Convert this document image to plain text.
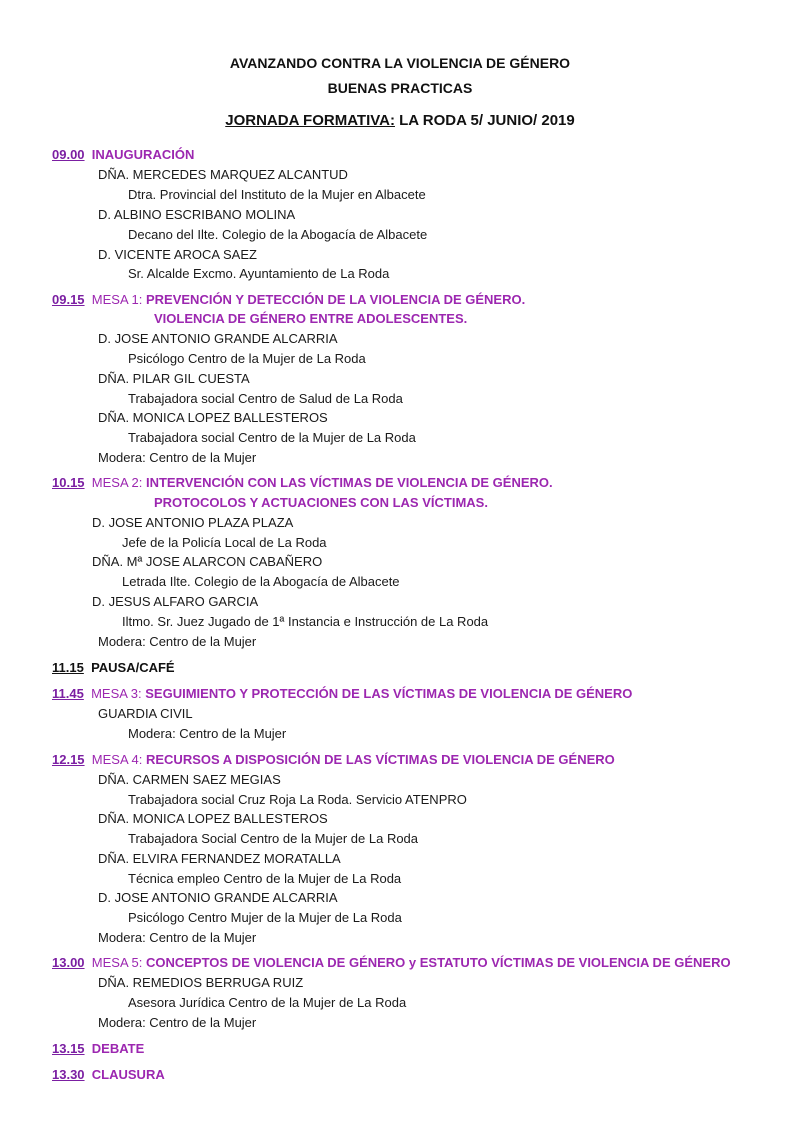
AVANZANDO CONTRA LA VIOLENCIA DE GÉNERO
BUENAS PRACTICAS
JORNADA FORMATIVA: LA RODA 5/ JUNIO/ 2019
09.00 INAUGURACIÓN
DÑA. MERCEDES MARQUEZ ALCANTUD
Dtra. Provincial del Instituto de la Mujer en Albacete
D. ALBINO ESCRIBANO MOLINA
Decano del Ilte. Colegio de la Abogacía de Albacete
D. VICENTE AROCA SAEZ
Sr. Alcalde Excmo. Ayuntamiento de La Roda
09.15 MESA 1: PREVENCIÓN Y DETECCIÓN DE LA VIOLENCIA DE GÉNERO.
VIOLENCIA DE GÉNERO ENTRE ADOLESCENTES.
D. JOSE ANTONIO GRANDE ALCARRIA
Psicólogo Centro de la Mujer de La Roda
DÑA. PILAR GIL CUESTA
Trabajadora social Centro de Salud de La Roda
DÑA. MONICA LOPEZ BALLESTEROS
Trabajadora social Centro de la Mujer de La Roda
Modera: Centro de la Mujer
10.15 MESA 2: INTERVENCIÓN CON LAS VÍCTIMAS DE VIOLENCIA DE GÉNERO.
PROTOCOLOS Y ACTUACIONES CON LAS VÍCTIMAS.
D. JOSE ANTONIO PLAZA PLAZA
Jefe de la Policía Local de La Roda
DÑA. Mª JOSE ALARCON CABAÑERO
Letrada Ilte. Colegio de la Abogacía de Albacete
D. JESUS ALFARO GARCIA
Iltmo. Sr. Juez Jugado de 1ª Instancia e Instrucción de La Roda
Modera: Centro de la Mujer
11.15 PAUSA/CAFÉ
11.45 MESA 3: SEGUIMIENTO Y PROTECCIÓN DE LAS VÍCTIMAS DE VIOLENCIA DE GÉNERO
GUARDIA CIVIL
Modera: Centro de la Mujer
12.15 MESA 4: RECURSOS A DISPOSICIÓN DE LAS VÍCTIMAS DE VIOLENCIA DE GÉNERO
DÑA. CARMEN SAEZ MEGIAS
Trabajadora social Cruz Roja La Roda. Servicio ATENPRO
DÑA. MONICA LOPEZ BALLESTEROS
Trabajadora Social Centro de la Mujer de La Roda
DÑA. ELVIRA FERNANDEZ MORATALLA
Técnica empleo Centro de la Mujer de La Roda
D. JOSE ANTONIO GRANDE ALCARRIA
Psicólogo Centro Mujer de la Mujer de La Roda
Modera: Centro de la Mujer
13.00 MESA 5: CONCEPTOS DE VIOLENCIA DE GÉNERO y ESTATUTO VÍCTIMAS DE VIOLENCIA DE GÉNERO
DÑA. REMEDIOS BERRUGA RUIZ
Asesora Jurídica Centro de la Mujer de La Roda
Modera: Centro de la Mujer
13.15 DEBATE
13.30 CLAUSURA
